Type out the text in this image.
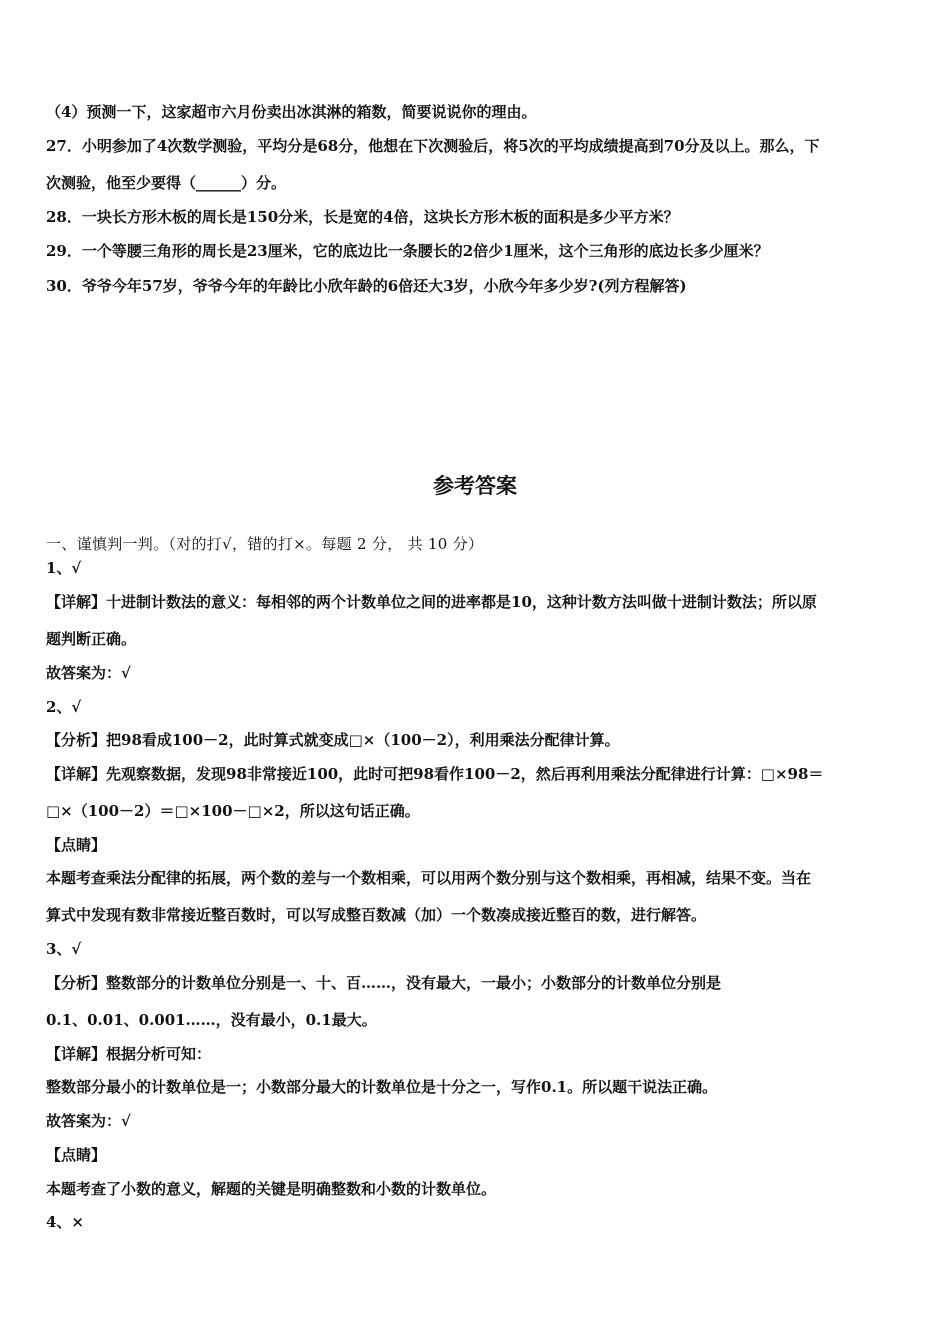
（4）预测一下，这家超市六月份卖出冰淇淋的箱数，简要说说你的理由。
27．小明参加了4次数学测验，平均分是68分，他想在下次测验后，将5次的平均成绩提高到70分及以上。那么，下
次测验，他至少要得（______）分。
28．一块长方形木板的周长是150分米，长是宽的4倍，这块长方形木板的面积是多少平方米？
29．一个等腰三角形的周长是23厘米，它的底边比一条腰长的2倍少1厘米，这个三角形的底边长多少厘米？
30．爷爷今年57岁，爷爷今年的年龄比小欣年龄的6倍还大3岁，小欣今年多少岁?(列方程解答)
参考答案
一、谨慎判一判。（对的打√，错的打×。每题 2 分， 共 10 分）
1、√
【详解】十进制计数法的意义：每相邻的两个计数单位之间的进率都是10，这种计数方法叫做十进制计数法；所以原
题判断正确。
故答案为：√
2、√
【分析】把98看成100－2，此时算式就变成□×（100－2），利用乘法分配律计算。
【详解】先观察数据，发现98非常接近100，此时可把98看作100－2，然后再利用乘法分配律进行计算：□×98＝
□×（100－2）＝□×100－□×2，所以这句话正确。
【点睛】
本题考查乘法分配律的拓展，两个数的差与一个数相乘，可以用两个数分别与这个数相乘，再相减，结果不变。当在
算式中发现有数非常接近整百数时，可以写成整百数减（加）一个数凑成接近整百的数，进行解答。
3、√
【分析】整数部分的计数单位分别是一、十、百……，没有最大，一最小；小数部分的计数单位分别是
0.1、0.01、0.001……，没有最小，0.1最大。
【详解】根据分析可知：
整数部分最小的计数单位是一；小数部分最大的计数单位是十分之一，写作0.1。所以题干说法正确。
故答案为：√
【点睛】
本题考查了小数的意义，解题的关键是明确整数和小数的计数单位。
4、×
